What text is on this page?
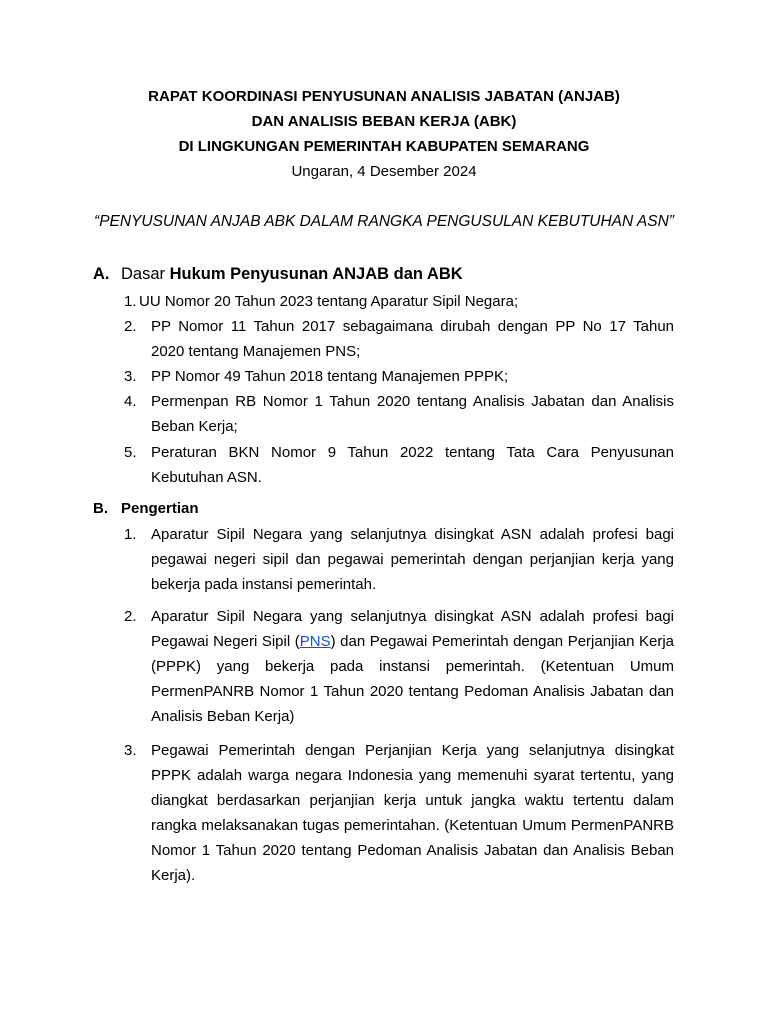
RAPAT KOORDINASI PENYUSUNAN ANALISIS JABATAN (ANJAB)
DAN ANALISIS BEBAN KERJA (ABK)
DI LINGKUNGAN PEMERINTAH KABUPATEN SEMARANG
Ungaran, 4 Desember 2024
“PENYUSUNAN ANJAB ABK DALAM RANGKA PENGUSULAN KEBUTUHAN ASN”
A. Dasar Hukum Penyusunan ANJAB dan ABK
1. UU Nomor 20 Tahun 2023 tentang Aparatur Sipil Negara;
2. PP Nomor 11 Tahun 2017 sebagaimana dirubah dengan PP No 17 Tahun 2020 tentang Manajemen PNS;
3. PP Nomor 49 Tahun 2018 tentang Manajemen PPPK;
4. Permenpan RB Nomor 1 Tahun 2020 tentang Analisis Jabatan dan Analisis Beban Kerja;
5. Peraturan BKN Nomor 9 Tahun 2022 tentang Tata Cara Penyusunan Kebutuhan ASN.
B. Pengertian
1. Aparatur Sipil Negara yang selanjutnya disingkat ASN adalah profesi bagi pegawai negeri sipil dan pegawai pemerintah dengan perjanjian kerja yang bekerja pada instansi pemerintah.
2. Aparatur Sipil Negara yang selanjutnya disingkat ASN adalah profesi bagi Pegawai Negeri Sipil (PNS) dan Pegawai Pemerintah dengan Perjanjian Kerja (PPPK) yang bekerja pada instansi pemerintah. (Ketentuan Umum PermenPANRB Nomor 1 Tahun 2020 tentang Pedoman Analisis Jabatan dan Analisis Beban Kerja)
3. Pegawai Pemerintah dengan Perjanjian Kerja yang selanjutnya disingkat PPPK adalah warga negara Indonesia yang memenuhi syarat tertentu, yang diangkat berdasarkan perjanjian kerja untuk jangka waktu tertentu dalam rangka melaksanakan tugas pemerintahan. (Ketentuan Umum PermenPANRB Nomor 1 Tahun 2020 tentang Pedoman Analisis Jabatan dan Analisis Beban Kerja).
